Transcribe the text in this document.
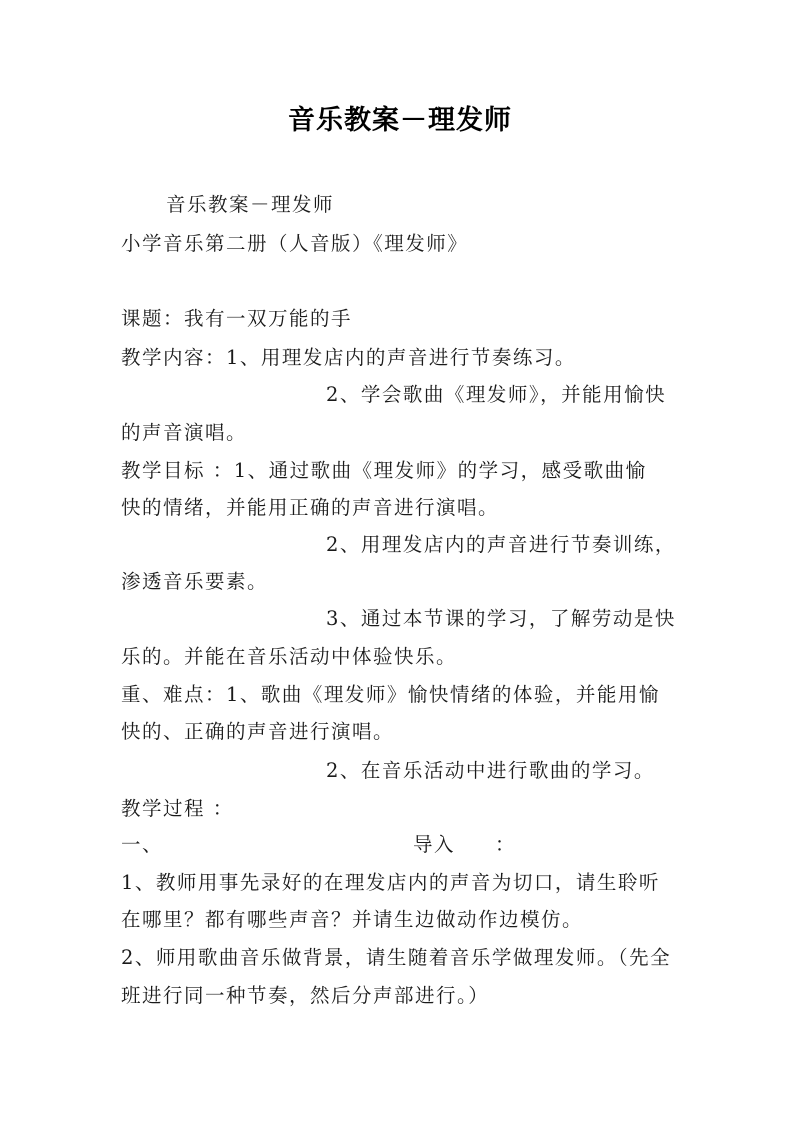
音乐教案－理发师
音乐教案－理发师
小学音乐第二册（人音版）《理发师》
课题：我有一双万能的手
教学内容：1、用理发店内的声音进行节奏练习。
2、学会歌曲《理发师》，并能用愉快
的声音演唱。
教学目标 ：1、通过歌曲《理发师》的学习，感受歌曲愉
快的情绪，并能用正确的声音进行演唱。
2、用理发店内的声音进行节奏训练，
渗透音乐要素。
3、通过本节课的学习，了解劳动是快
乐的。并能在音乐活动中体验快乐。
重、难点：1、歌曲《理发师》愉快情绪的体验，并能用愉
快的、正确的声音进行演唱。
2、在音乐活动中进行歌曲的学习。
教学过程 ：
一、	导入 ：
1、教师用事先录好的在理发店内的声音为切口，请生聆听
在哪里？都有哪些声音？并请生边做动作边模仿。
2、师用歌曲音乐做背景，请生随着音乐学做理发师。（先全
班进行同一种节奏，然后分声部进行。）
